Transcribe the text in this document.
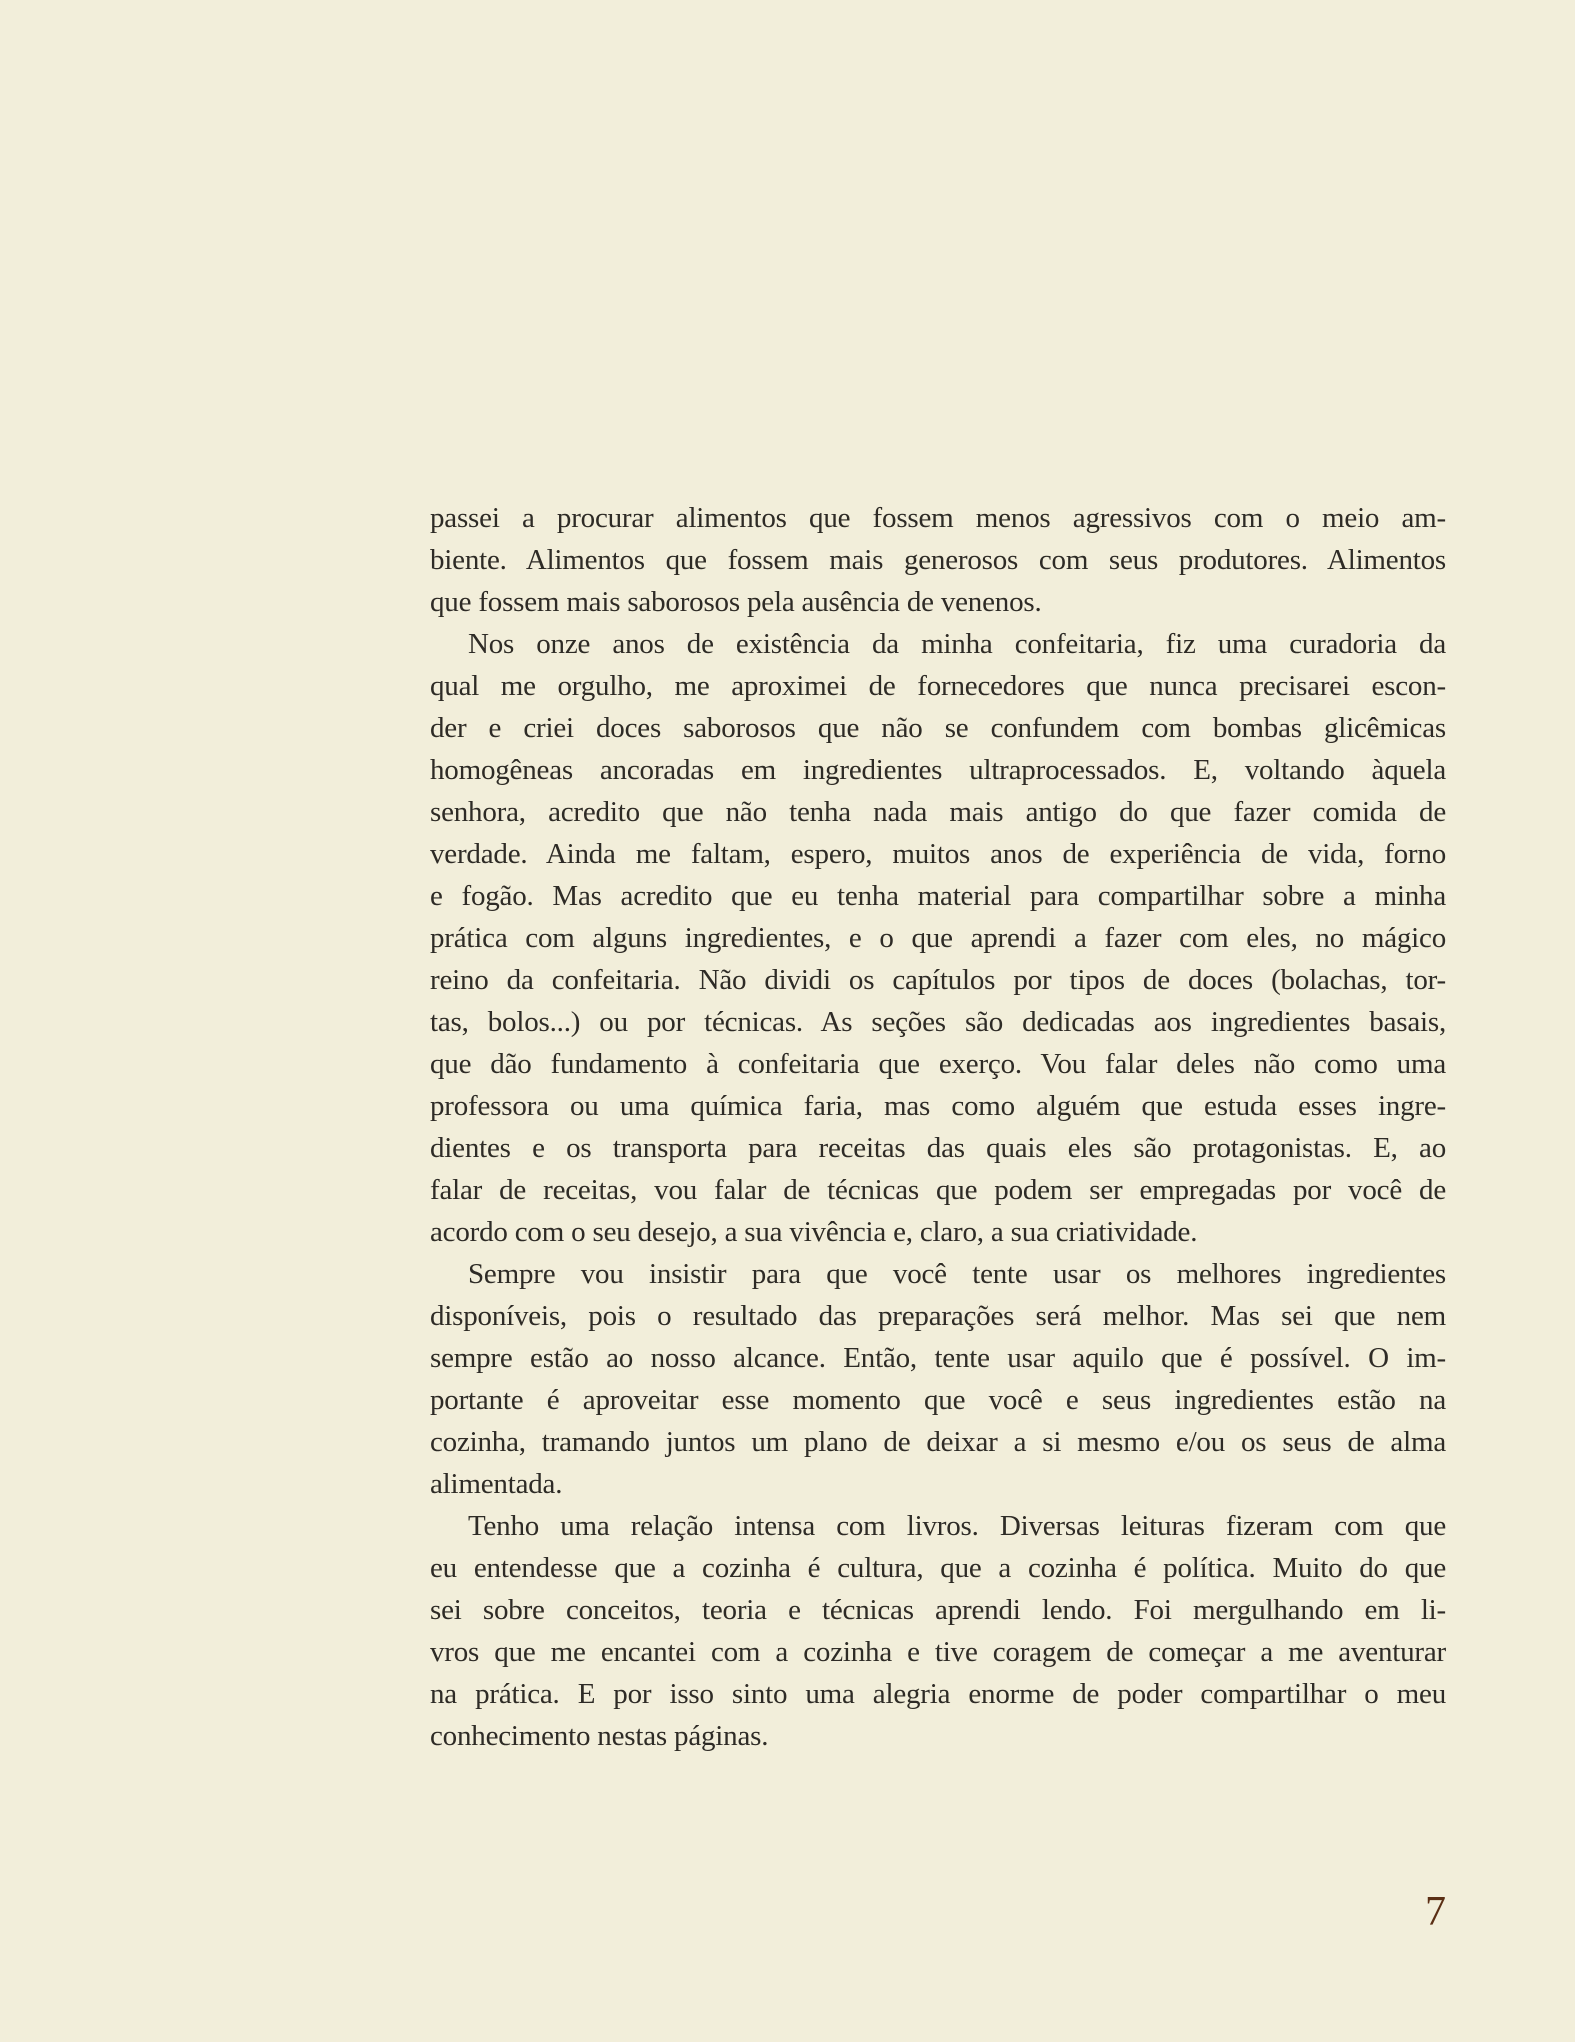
passei a procurar alimentos que fossem menos agressivos com o meio am-
biente. Alimentos que fossem mais generosos com seus produtores. Alimentos
que fossem mais saborosos pela ausência de venenos.
Nos onze anos de existência da minha confeitaria, fiz uma curadoria da
qual me orgulho, me aproximei de fornecedores que nunca precisarei escon-
der e criei doces saborosos que não se confundem com bombas glicêmicas
homogêneas ancoradas em ingredientes ultraprocessados. E, voltando àquela
senhora, acredito que não tenha nada mais antigo do que fazer comida de
verdade. Ainda me faltam, espero, muitos anos de experiência de vida, forno
e fogão. Mas acredito que eu tenha material para compartilhar sobre a minha
prática com alguns ingredientes, e o que aprendi a fazer com eles, no mágico
reino da confeitaria. Não dividi os capítulos por tipos de doces (bolachas, tor-
tas, bolos...) ou por técnicas. As seções são dedicadas aos ingredientes basais,
que dão fundamento à confeitaria que exerço. Vou falar deles não como uma
professora ou uma química faria, mas como alguém que estuda esses ingre-
dientes e os transporta para receitas das quais eles são protagonistas. E, ao
falar de receitas, vou falar de técnicas que podem ser empregadas por você de
acordo com o seu desejo, a sua vivência e, claro, a sua criatividade.
Sempre vou insistir para que você tente usar os melhores ingredientes
disponíveis, pois o resultado das preparações será melhor. Mas sei que nem
sempre estão ao nosso alcance. Então, tente usar aquilo que é possível. O im-
portante é aproveitar esse momento que você e seus ingredientes estão na
cozinha, tramando juntos um plano de deixar a si mesmo e/ou os seus de alma
alimentada.
Tenho uma relação intensa com livros. Diversas leituras fizeram com que
eu entendesse que a cozinha é cultura, que a cozinha é política. Muito do que
sei sobre conceitos, teoria e técnicas aprendi lendo. Foi mergulhando em li-
vros que me encantei com a cozinha e tive coragem de começar a me aventurar
na prática. E por isso sinto uma alegria enorme de poder compartilhar o meu
conhecimento nestas páginas.
7
